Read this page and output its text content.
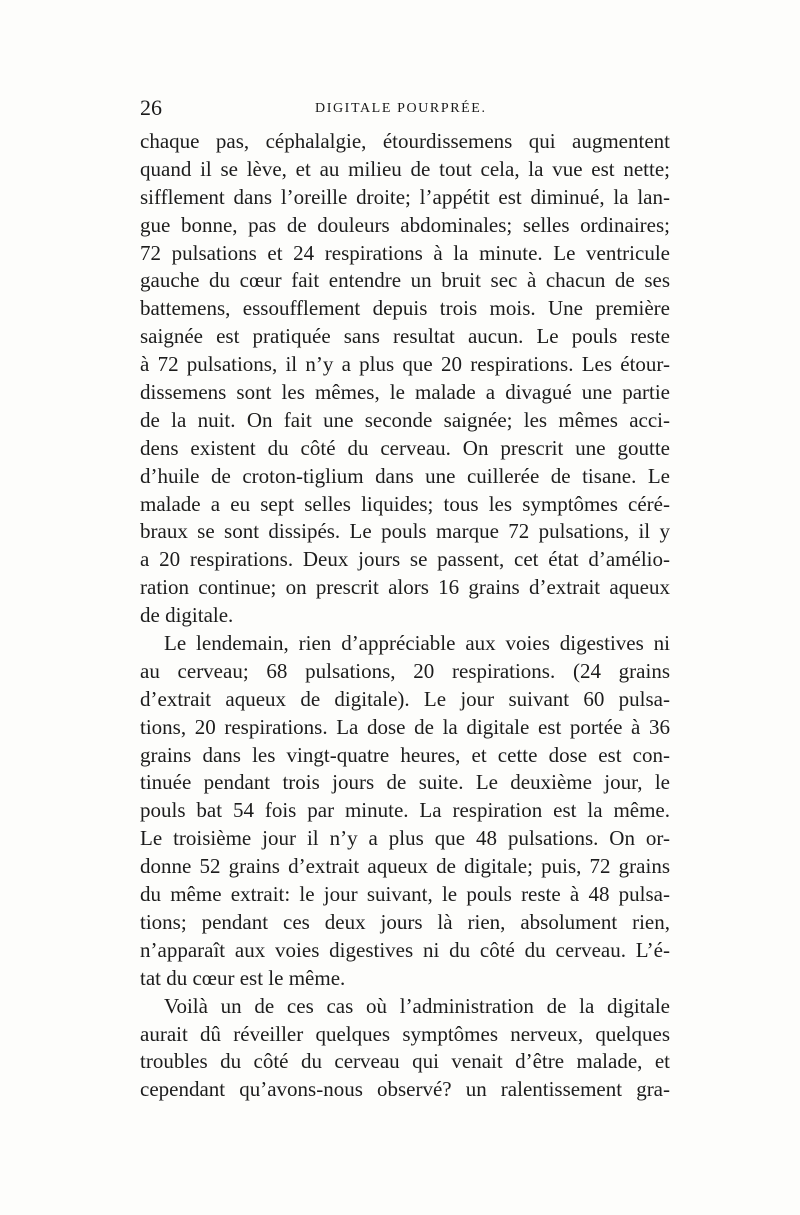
26	DIGITALE POURPRÉE.
chaque pas, céphalalgie, étourdissemens qui augmentent
quand il se lève, et au milieu de tout cela, la vue est nette;
sifflement dans l’oreille droite; l’appétit est diminué, la lan-
gue bonne, pas de douleurs abdominales; selles ordinaires;
72 pulsations et 24 respirations à la minute. Le ventricule
gauche du cœur fait entendre un bruit sec à chacun de ses
battemens, essoufflement depuis trois mois. Une première
saignée est pratiquée sans resultat aucun. Le pouls reste
à 72 pulsations, il n’y a plus que 20 respirations. Les étour-
dissemens sont les mêmes, le malade a divagué une partie
de la nuit. On fait une seconde saignée; les mêmes acci-
dens existent du côté du cerveau. On prescrit une goutte
d’huile de croton-tiglium dans une cuillerée de tisane. Le
malade a eu sept selles liquides; tous les symptômes céré-
braux se sont dissipés. Le pouls marque 72 pulsations, il y
a 20 respirations. Deux jours se passent, cet état d’amélio-
ration continue; on prescrit alors 16 grains d’extrait aqueux
de digitale.
Le lendemain, rien d’appréciable aux voies digestives ni
au cerveau; 68 pulsations, 20 respirations. (24 grains
d’extrait aqueux de digitale). Le jour suivant 60 pulsa-
tions, 20 respirations. La dose de la digitale est portée à 36
grains dans les vingt-quatre heures, et cette dose est con-
tinuée pendant trois jours de suite. Le deuxième jour, le
pouls bat 54 fois par minute. La respiration est la même.
Le troisième jour il n’y a plus que 48 pulsations. On or-
donne 52 grains d’extrait aqueux de digitale; puis, 72 grains
du même extrait: le jour suivant, le pouls reste à 48 pulsa-
tions; pendant ces deux jours là rien, absolument rien,
n’apparaît aux voies digestives ni du côté du cerveau. L’é-
tat du cœur est le même.
Voilà un de ces cas où l’administration de la digitale
aurait dû réveiller quelques symptômes nerveux, quelques
troubles du côté du cerveau qui venait d’être malade, et
cependant qu’avons-nous observé? un ralentissement gra-
